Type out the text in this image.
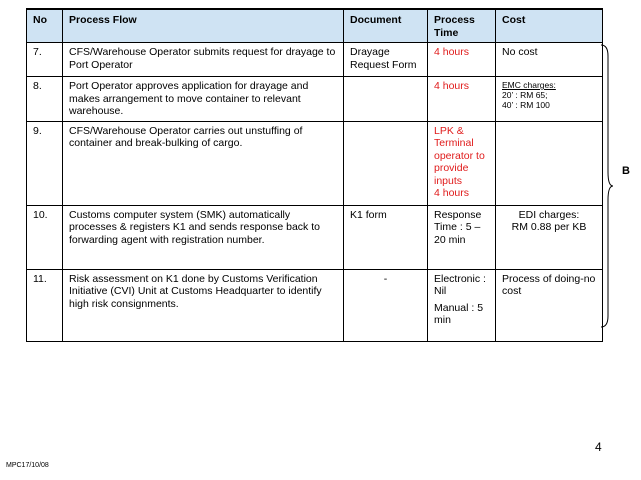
No	Process Flow	Document	Process Time	Cost
7.	CFS/Warehouse Operator submits request for drayage to Port Operator	Drayage Request Form	4 hours	No cost
8.	Port Operator approves application for drayage and makes arrangement to move container to relevant warehouse.		4 hours	EMC charges:
20’ : RM 65;
40’ : RM 100

9.	CFS/Warehouse Operator carries out unstuffing of container and break-bulking of cargo.		LPK & Terminal operator to provide inputs
4 hours	

10.	Customs computer system (SMK) automatically processes & registers K1 and sends response back to forwarding agent with registration number.	K1 form	Response Time : 5 – 20 min	EDI charges:
RM 0.88 per KB

11.	Risk assessment on K1 done by Customs Verification Initiative (CVI) Unit at Customs Headquarter to identify high risk consignments.	-	Electronic :
Nil
Manual : 5 min	Process of doing-no cost
B
4
MPC17/10/08
